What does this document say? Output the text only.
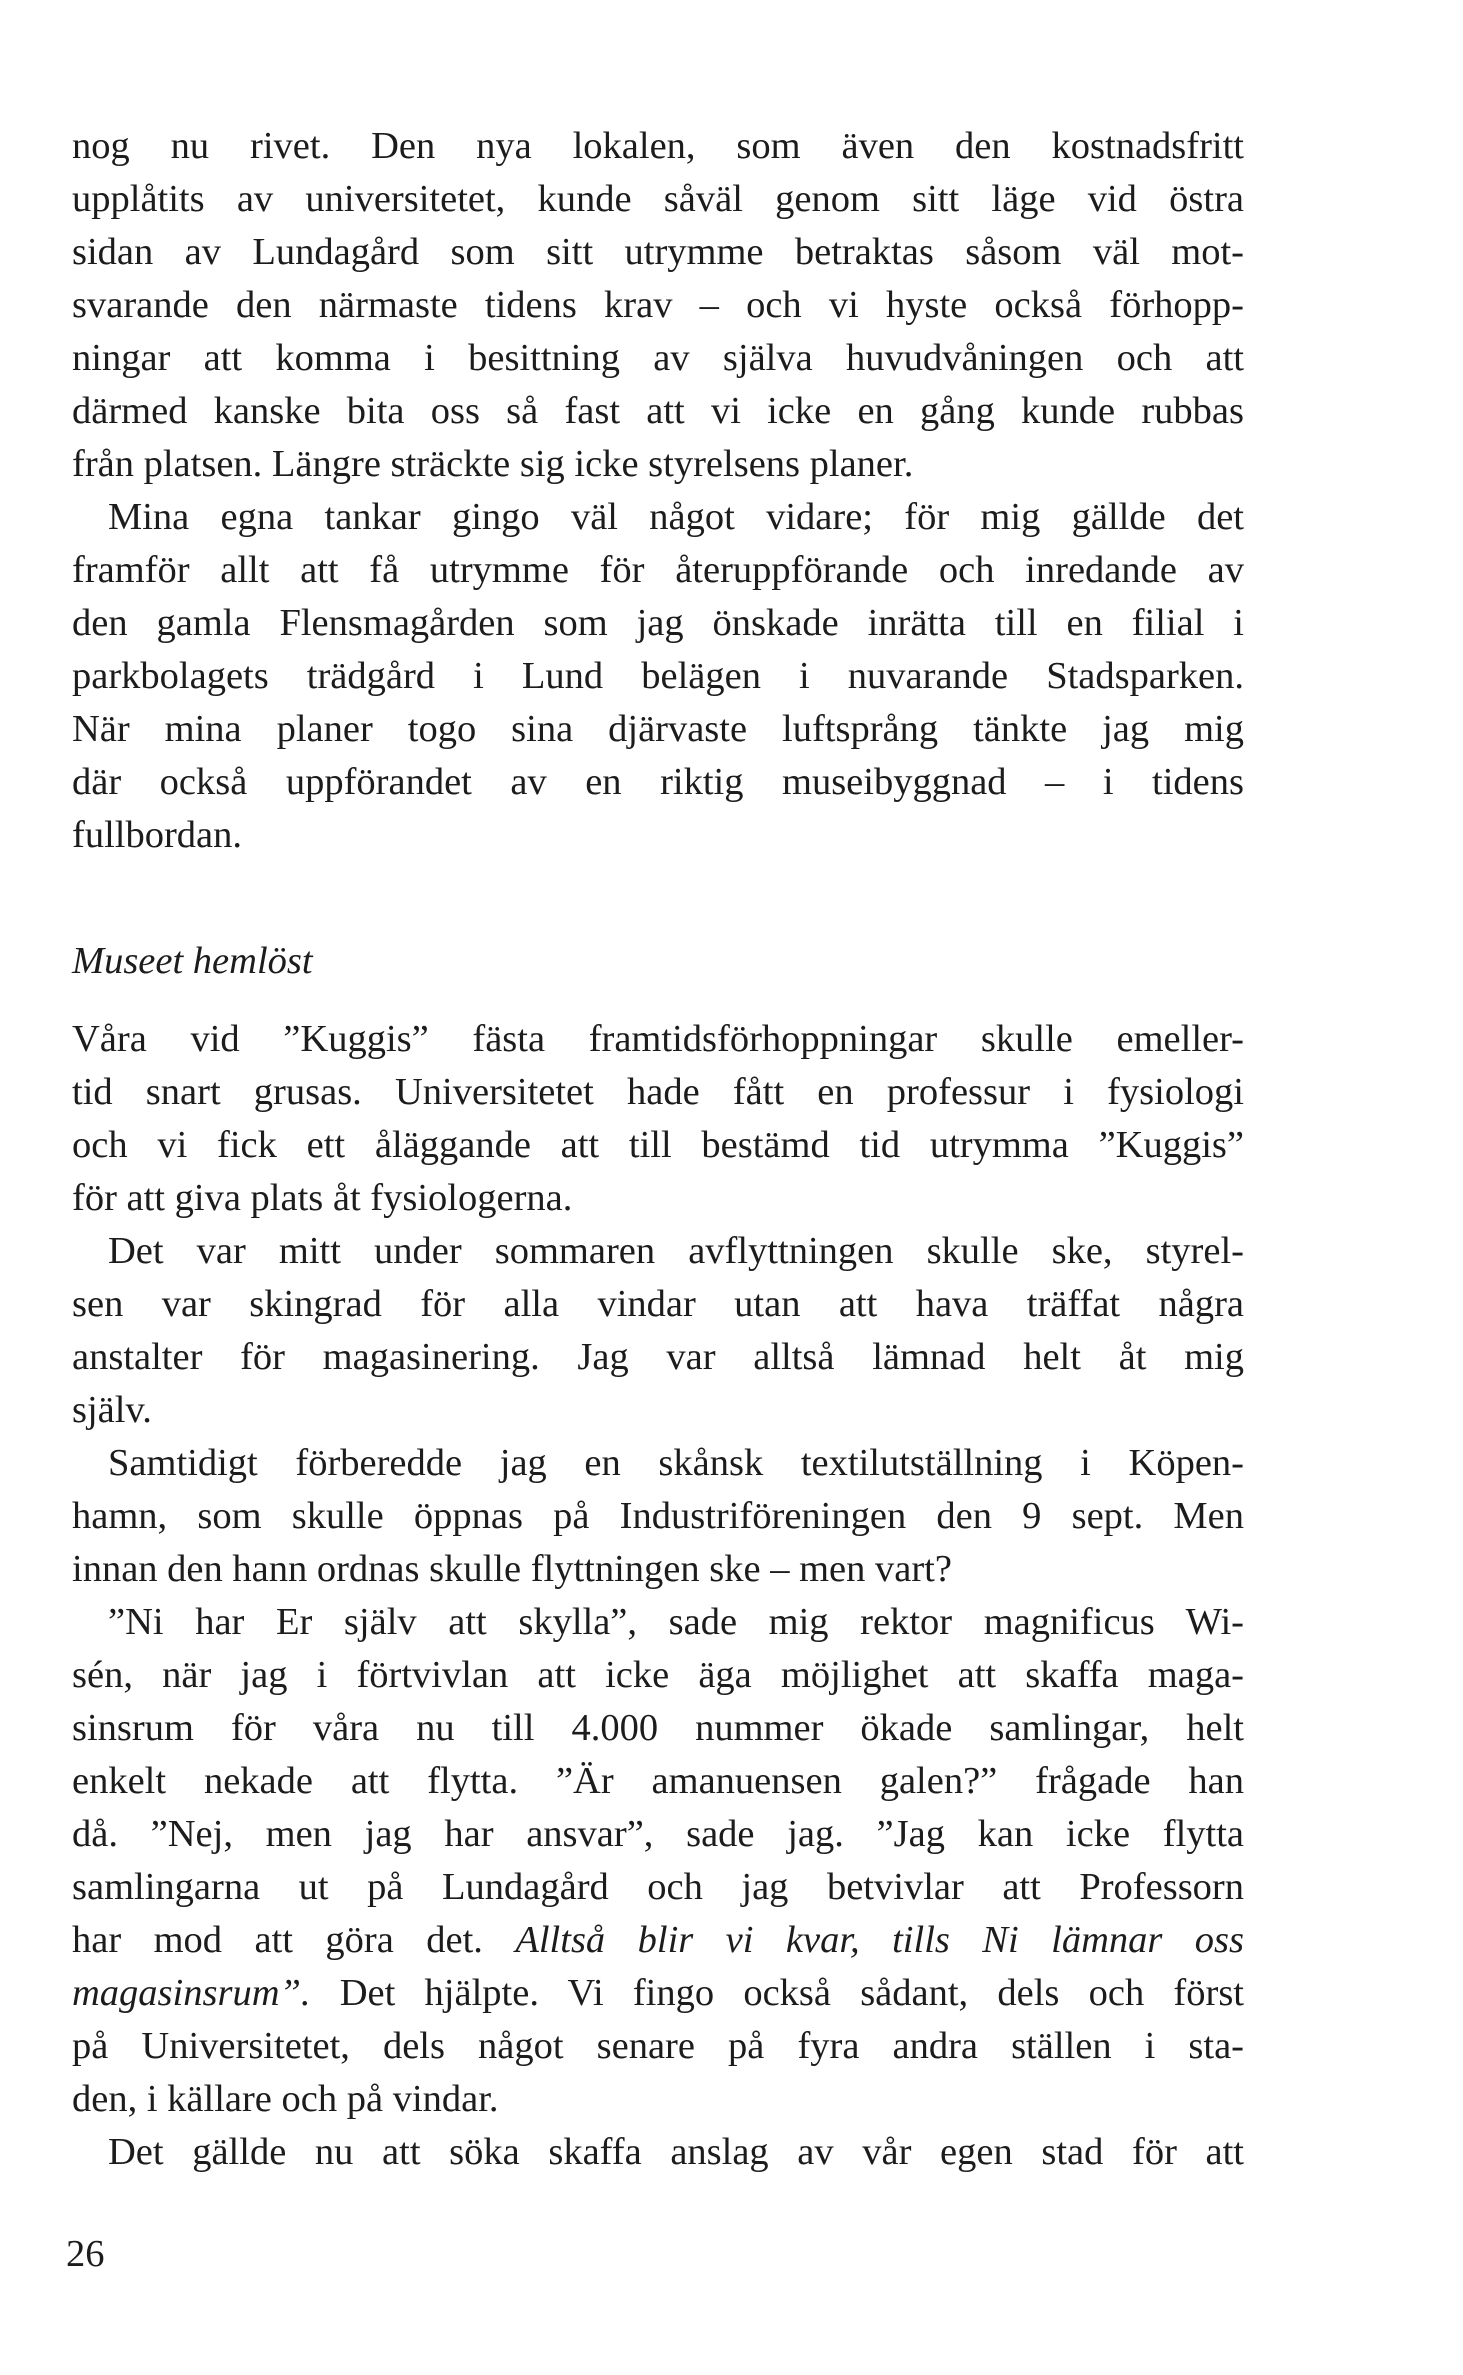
nog nu rivet. Den nya lokalen, som även den kostnadsfritt
upplåtits av universitetet, kunde såväl genom sitt läge vid östra
sidan av Lundagård som sitt utrymme betraktas såsom väl mot-
svarande den närmaste tidens krav – och vi hyste också förhopp-
ningar att komma i besittning av själva huvudvåningen och att
därmed kanske bita oss så fast att vi icke en gång kunde rubbas
från platsen. Längre sträckte sig icke styrelsens planer.
Mina egna tankar gingo väl något vidare; för mig gällde det
framför allt att få utrymme för återuppförande och inredande av
den gamla Flensmagården som jag önskade inrätta till en filial i
parkbolagets trädgård i Lund belägen i nuvarande Stadsparken.
När mina planer togo sina djärvaste luftsprång tänkte jag mig
där också uppförandet av en riktig museibyggnad – i tidens
fullbordan.
Museet hemlöst
Våra vid ”Kuggis” fästa framtidsförhoppningar skulle emeller-
tid snart grusas. Universitetet hade fått en professur i fysiologi
och vi fick ett åläggande att till bestämd tid utrymma ”Kuggis”
för att giva plats åt fysiologerna.
Det var mitt under sommaren avflyttningen skulle ske, styrel-
sen var skingrad för alla vindar utan att hava träffat några
anstalter för magasinering. Jag var alltså lämnad helt åt mig
själv.
Samtidigt förberedde jag en skånsk textilutställning i Köpen-
hamn, som skulle öppnas på Industriföreningen den 9 sept. Men
innan den hann ordnas skulle flyttningen ske – men vart?
”Ni har Er själv att skylla”, sade mig rektor magnificus Wi-
sén, när jag i förtvivlan att icke äga möjlighet att skaffa maga-
sinsrum för våra nu till 4.000 nummer ökade samlingar, helt
enkelt nekade att flytta. ”Är amanuensen galen?” frågade han
då. ”Nej, men jag har ansvar”, sade jag. ”Jag kan icke flytta
samlingarna ut på Lundagård och jag betvivlar att Professorn
har mod att göra det. Alltså blir vi kvar, tills Ni lämnar oss
magasinsrum”. Det hjälpte. Vi fingo också sådant, dels och först
på Universitetet, dels något senare på fyra andra ställen i sta-
den, i källare och på vindar.
Det gällde nu att söka skaffa anslag av vår egen stad för att
26
